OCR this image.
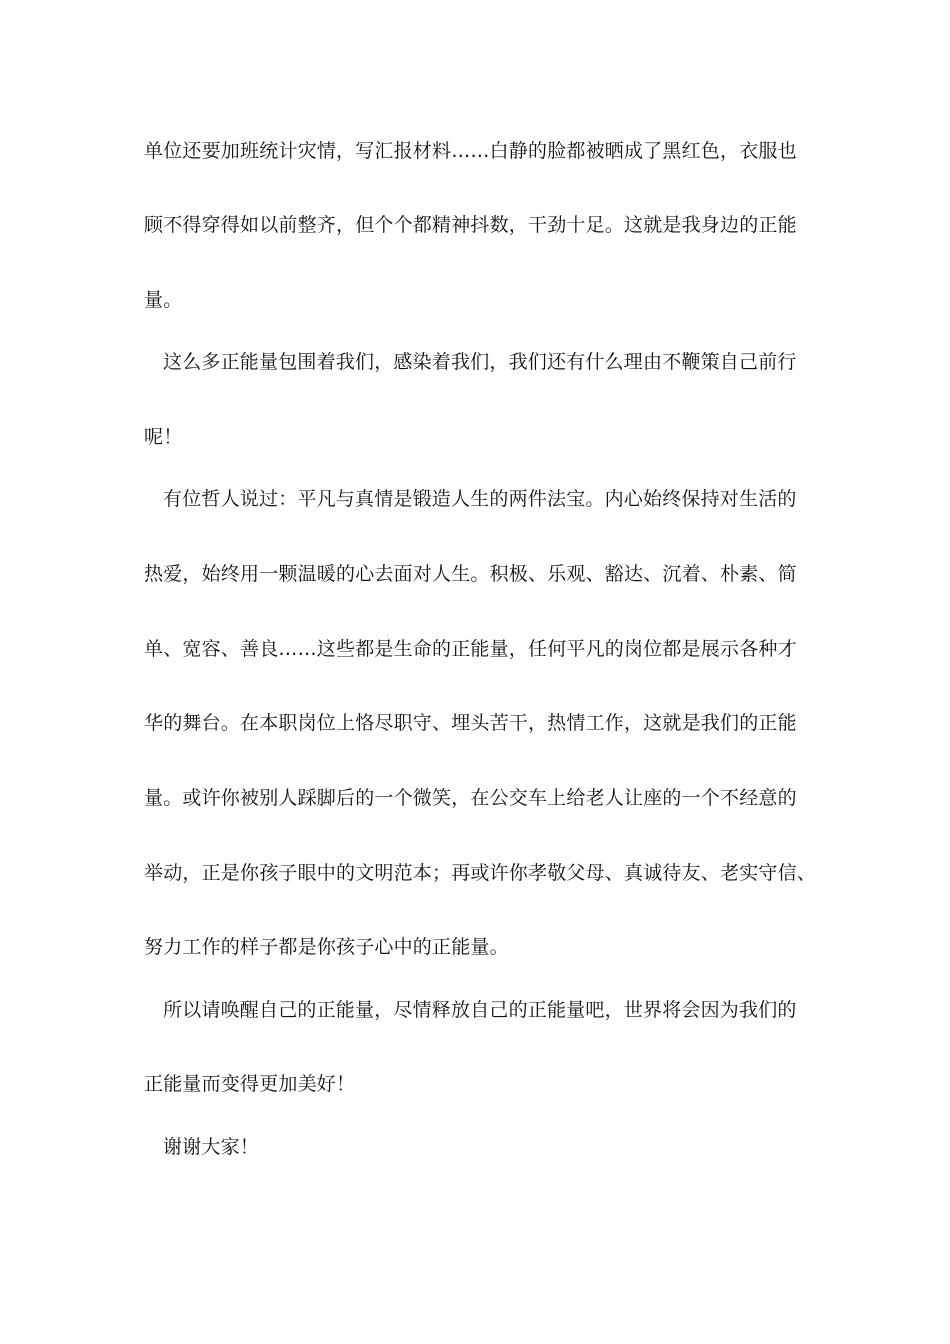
单位还要加班统计灾情，写汇报材料……白静的脸都被晒成了黑红色，衣服也
顾不得穿得如以前整齐，但个个都精神抖数，干劲十足。这就是我身边的正能
量。
这么多正能量包围着我们，感染着我们，我们还有什么理由不鞭策自己前行
呢！
有位哲人说过：平凡与真情是锻造人生的两件法宝。内心始终保持对生活的
热爱，始终用一颗温暖的心去面对人生。积极、乐观、豁达、沉着、朴素、简
单、宽容、善良……这些都是生命的正能量，任何平凡的岗位都是展示各种才
华的舞台。在本职岗位上恪尽职守、埋头苦干，热情工作，这就是我们的正能
量。或许你被别人踩脚后的一个微笑，在公交车上给老人让座的一个不经意的
举动，正是你孩子眼中的文明范本；再或许你孝敬父母、真诚待友、老实守信、
努力工作的样子都是你孩子心中的正能量。
所以请唤醒自己的正能量，尽情释放自己的正能量吧，世界将会因为我们的
正能量而变得更加美好！
谢谢大家！
